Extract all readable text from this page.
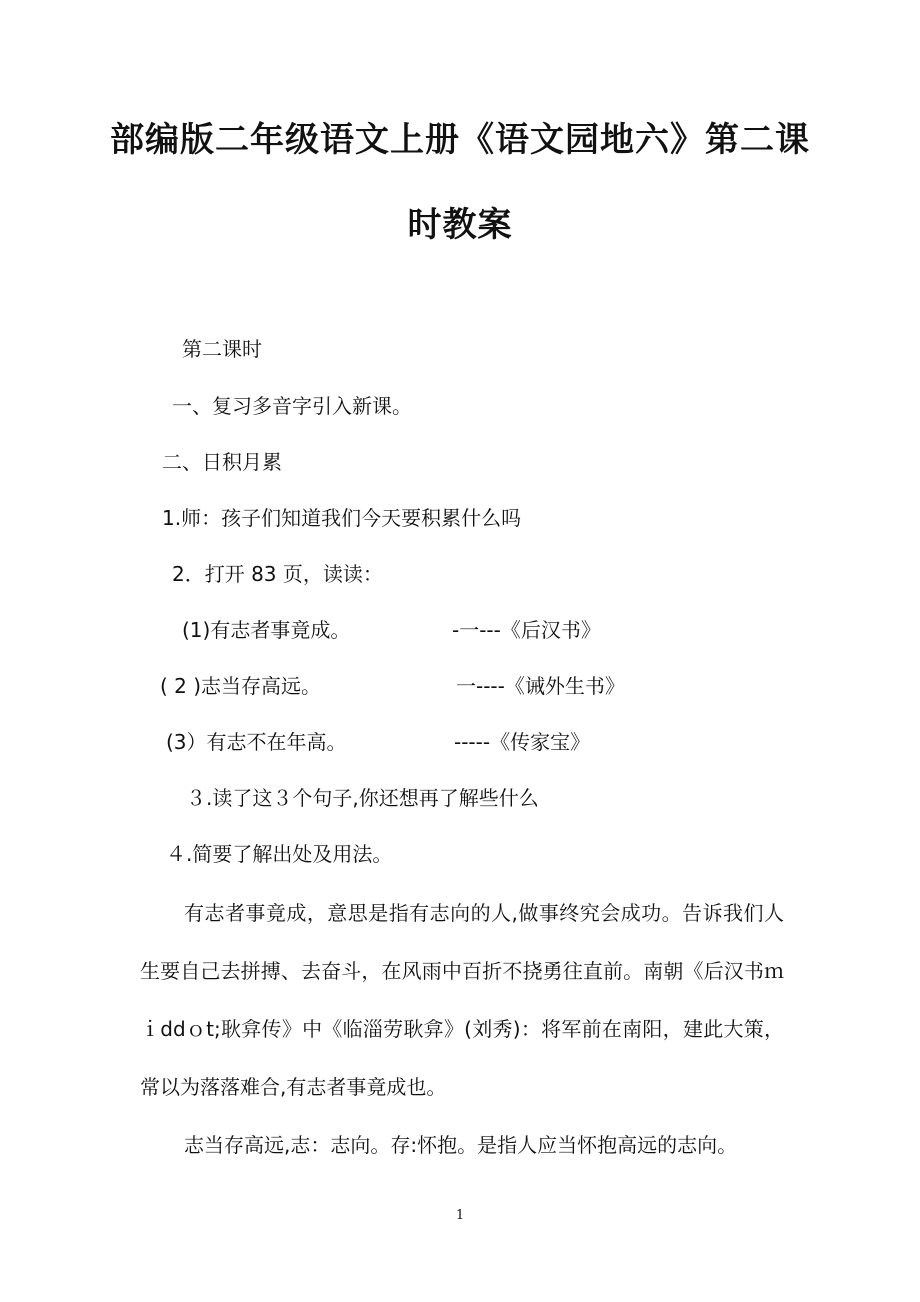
部编版二年级语文上册《语文园地六》第二课
时教案
第二课时
一、复习多音字引入新课。
二、日积月累
1.师：孩子们知道我们今天要积累什么吗
2．打开 83 页，读读：
(1)有志者事竟成。	-一---《后汉书》
( 2 )志当存高远。	一----《诫外生书》
(3）有志不在年高。	-----《传家宝》
３.读了这３个句子,你还想再了解些什么
４.简要了解出处及用法。
有志者事竟成，意思是指有志向的人,做事终究会成功。告诉我们人生要自己去拼搏、去奋斗，在风雨中百折不挠勇往直前。南朝《后汉书ｍｉddｏt;耿弇传》中《临淄劳耿弇》(刘秀)：将军前在南阳，建此大策，常以为落落难合,有志者事竟成也。
志当存高远,志：志向。存:怀抱。是指人应当怀抱高远的志向。
1
